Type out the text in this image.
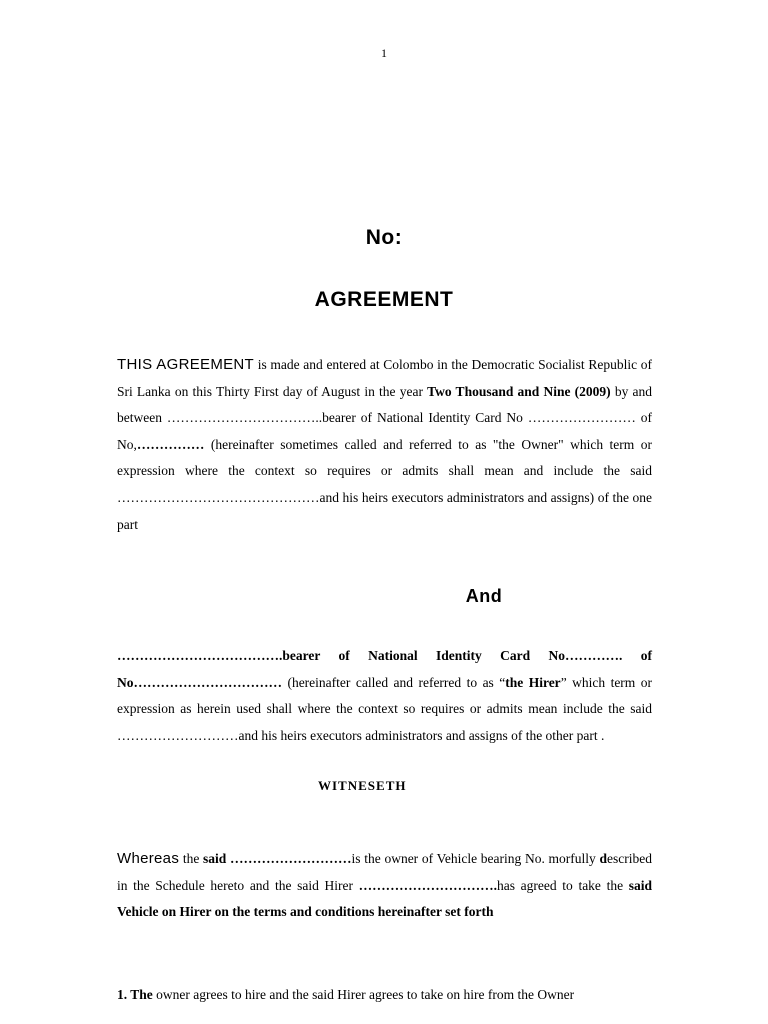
1
No:
AGREEMENT
THIS AGREEMENT is made and entered at Colombo in the Democratic Socialist Republic of Sri Lanka on this Thirty First day of August in the year Two Thousand and Nine (2009) by and between ……………………………..bearer of National Identity Card No …………………… of No,…………… (hereinafter sometimes called and referred to as "the Owner" which term or expression where the context so requires or admits shall mean and include the said ………………………………………and his heirs executors administrators and assigns) of the one part
And
……………………………….bearer of National Identity Card No…………. of No…………………………… (hereinafter called and referred to as “the Hirer” which term or expression as herein used shall where the context so requires or admits mean include the said ………………………and his heirs executors administrators and assigns of the other part .
WITNESETH
Whereas the said ………………………is the owner of Vehicle bearing No. morfully described in the Schedule hereto and the said Hirer ………………………….has agreed to take the said Vehicle on Hirer on the terms and conditions hereinafter set forth
1. The owner agrees to hire and the said Hirer agrees to take on hire from the Owner
